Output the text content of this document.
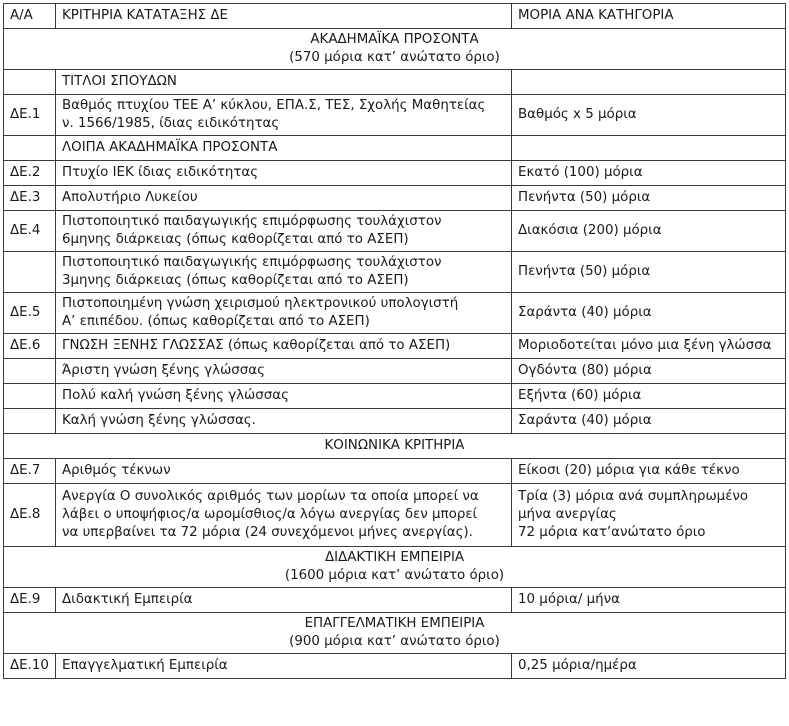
Α/Α	ΚΡΙΤΗΡΙΑ ΚΑΤΑΤΑΞΗΣ ΔΕ	ΜΟΡΙΑ ΑΝΑ ΚΑΤΗΓΟΡΙΑ

ΑΚΑΔΗΜΑΪΚΑ ΠΡΟΣΟΝΤΑ
(570 μόρια κατ’ ανώτατο όριο)		

	ΤΙΤΛΟΙ ΣΠΟΥΔΩΝ	
ΔΕ.1	Βαθμός πτυχίου ΤΕΕ Α’ κύκλου, ΕΠΑ.Σ, ΤΕΣ, Σχολής Μαθητείας
ν. 1566/1985, ίδιας ειδικότητας	Βαθμός x 5 μόρια
	ΛΟΙΠΑ ΑΚΑΔΗΜΑΪΚΑ ΠΡΟΣΟΝΤΑ	
ΔΕ.2	Πτυχίο ΙΕΚ ίδιας ειδικότητας	Εκατό (100) μόρια
ΔΕ.3	Απολυτήριο Λυκείου	Πενήντα (50) μόρια
ΔΕ.4	Πιστοποιητικό παιδαγωγικής επιμόρφωσης τουλάχιστον
6μηνης διάρκειας (όπως καθορίζεται από το ΑΣΕΠ)	Διακόσια (200) μόρια

	Πιστοποιητικό παιδαγωγικής επιμόρφωσης τουλάχιστον
3μηνης διάρκειας (όπως καθορίζεται από το ΑΣΕΠ)	Πενήντα (50) μόρια
ΔΕ.5	Πιστοποιημένη γνώση χειρισμού ηλεκτρονικού υπολογιστή
Α’ επιπέδου. (όπως καθορίζεται από το ΑΣΕΠ)	Σαράντα (40) μόρια
ΔΕ.6	ΓΝΩΣΗ ΞΕΝΗΣ ΓΛΩΣΣΑΣ (όπως καθορίζεται από το ΑΣΕΠ)	Μοριοδοτείται μόνο μια ξένη γλώσσα
	Άριστη γνώση ξένης γλώσσας	Ογδόντα (80) μόρια
	Πολύ καλή γνώση ξένης γλώσσας	Εξήντα (60) μόρια
	Καλή γνώση ξένης γλώσσας.	Σαράντα (40) μόρια
ΚΟΙΝΩΝΙΚΑ ΚΡΙΤΗΡΙΑ		
ΔΕ.7	Αριθμός τέκνων	Είκοσι (20) μόρια για κάθε τέκνο
ΔΕ.8	Ανεργία Ο συνολικός αριθμός των μορίων τα οποία μπορεί να
λάβει ο υποψήφιος/α ωρομίσθιος/α λόγω ανεργίας δεν μπορεί
να υπερβαίνει τα 72 μόρια (24 συνεχόμενοι μήνες ανεργίας).	Τρία (3) μόρια ανά συμπληρωμένο
μήνα ανεργίας
72 μόρια κατ’ανώτατο όριο

ΔΙΔΑΚΤΙΚΗ ΕΜΠΕΙΡΙΑ
(1600 μόρια κατ’ ανώτατο όριο)		

ΔΕ.9	Διδακτική Εμπειρία	10 μόρια/ μήνα

ΕΠΑΓΓΕΛΜΑΤΙΚΗ ΕΜΠΕΙΡΙΑ
(900 μόρια κατ’ ανώτατο όριο)		

ΔΕ.10	Επαγγελματική Εμπειρία	0,25 μόρια/ημέρα
